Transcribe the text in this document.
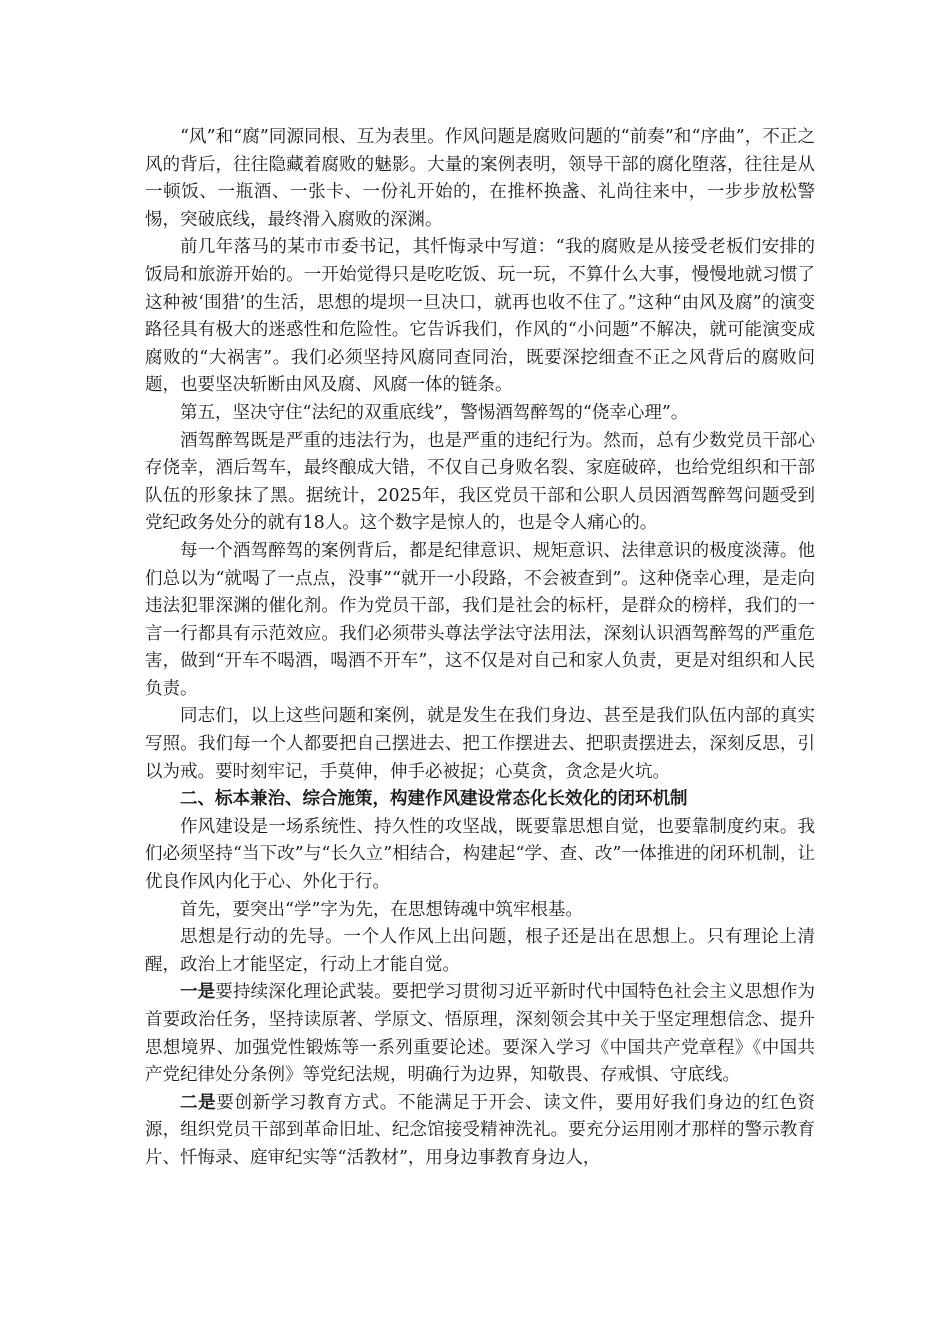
“风”和“腐”同源同根、互为表里。作风问题是腐败问题的“前奏”和“序曲”，不正之风的背后，往往隐藏着腐败的魅影。大量的案例表明，领导干部的腐化堕落，往往是从一顿饭、一瓶酒、一张卡、一份礼开始的，在推杯换盏、礼尚往来中，一步步放松警惕，突破底线，最终滑入腐败的深渊。

前几年落马的某市市委书记，其忏悔录中写道：“我的腐败是从接受老板们安排的饭局和旅游开始的。一开始觉得只是吃吃饭、玩一玩，不算什么大事，慢慢地就习惯了这种被‘围猎’的生活，思想的堤坝一旦决口，就再也收不住了。”这种“由风及腐”的演变路径具有极大的迷惑性和危险性。它告诉我们，作风的“小问题”不解决，就可能演变成腐败的“大祸害”。我们必须坚持风腐同查同治，既要深挖细查不正之风背后的腐败问题，也要坚决斩断由风及腐、风腐一体的链条。

第五，坚决守住“法纪的双重底线”，警惕酒驾醉驾的“侥幸心理”。

酒驾醉驾既是严重的违法行为，也是严重的违纪行为。然而，总有少数党员干部心存侥幸，酒后驾车，最终酿成大错，不仅自己身败名裂、家庭破碎，也给党组织和干部队伍的形象抹了黑。据统计，2025年，我区党员干部和公职人员因酒驾醉驾问题受到党纪政务处分的就有18人。这个数字是惊人的，也是令人痛心的。

每一个酒驾醉驾的案例背后，都是纪律意识、规矩意识、法律意识的极度淡薄。他们总以为“就喝了一点点，没事”“就开一小段路，不会被查到”。这种侥幸心理，是走向违法犯罪深渊的催化剂。作为党员干部，我们是社会的标杆，是群众的榜样，我们的一言一行都具有示范效应。我们必须带头尊法学法守法用法，深刻认识酒驾醉驾的严重危害，做到“开车不喝酒，喝酒不开车”，这不仅是对自己和家人负责，更是对组织和人民负责。

同志们，以上这些问题和案例，就是发生在我们身边、甚至是我们队伍内部的真实写照。我们每一个人都要把自己摆进去、把工作摆进去、把职责摆进去，深刻反思，引以为戒。要时刻牢记，手莫伸，伸手必被捉；心莫贪，贪念是火坑。

二、标本兼治、综合施策，构建作风建设常态化长效化的闭环机制

作风建设是一场系统性、持久性的攻坚战，既要靠思想自觉，也要靠制度约束。我们必须坚持“当下改”与“长久立”相结合，构建起“学、查、改”一体推进的闭环机制，让优良作风内化于心、外化于行。

首先，要突出“学”字为先，在思想铸魂中筑牢根基。

思想是行动的先导。一个人作风上出问题，根子还是出在思想上。只有理论上清醒，政治上才能坚定，行动上才能自觉。

一是要持续深化理论武装。要把学习贯彻习近平新时代中国特色社会主义思想作为首要政治任务，坚持读原著、学原文、悟原理，深刻领会其中关于坚定理想信念、提升思想境界、加强党性锻炼等一系列重要论述。要深入学习《中国共产党章程》《中国共产党纪律处分条例》等党纪法规，明确行为边界，知敬畏、存戒惧、守底线。

二是要创新学习教育方式。不能满足于开会、读文件，要用好我们身边的红色资源，组织党员干部到革命旧址、纪念馆接受精神洗礼。要充分运用刚才那样的警示教育片、忏悔录、庭审纪实等“活教材”，用身边事教育身边人，
